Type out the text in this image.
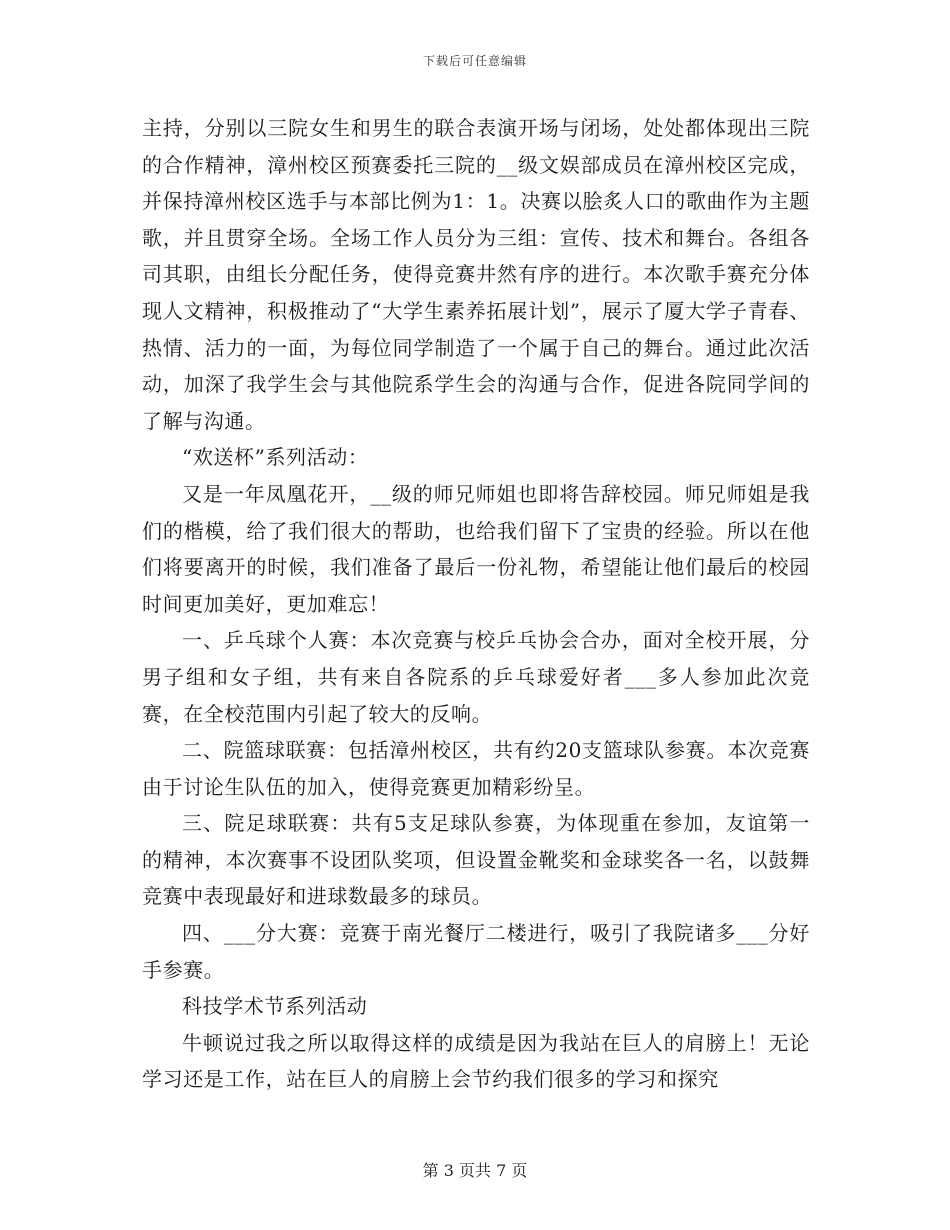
下载后可任意编辑

主持，分别以三院女生和男生的联合表演开场与闭场，处处都体现出三院的合作精神，漳州校区预赛委托三院的__级文娱部成员在漳州校区完成，并保持漳州校区选手与本部比例为1：1。决赛以脍炙人口的歌曲作为主题歌，并且贯穿全场。全场工作人员分为三组：宣传、技术和舞台。各组各司其职，由组长分配任务，使得竞赛井然有序的进行。本次歌手赛充分体现人文精神，积极推动了“大学生素养拓展计划”，展示了厦大学子青春、热情、活力的一面，为每位同学制造了一个属于自己的舞台。通过此次活动，加深了我学生会与其他院系学生会的沟通与合作，促进各院同学间的了解与沟通。

“欢送杯”系列活动：

又是一年凤凰花开，__级的师兄师姐也即将告辞校园。师兄师姐是我们的楷模，给了我们很大的帮助，也给我们留下了宝贵的经验。所以在他们将要离开的时候，我们准备了最后一份礼物，希望能让他们最后的校园时间更加美好，更加难忘！

一、乒乓球个人赛：本次竞赛与校乒乓协会合办，面对全校开展，分男子组和女子组，共有来自各院系的乒乓球爱好者___多人参加此次竞赛，在全校范围内引起了较大的反响。

二、院篮球联赛：包括漳州校区，共有约20支篮球队参赛。本次竞赛由于讨论生队伍的加入，使得竞赛更加精彩纷呈。

三、院足球联赛：共有5支足球队参赛，为体现重在参加，友谊第一的精神，本次赛事不设团队奖项，但设置金靴奖和金球奖各一名，以鼓舞竞赛中表现最好和进球数最多的球员。

四、___分大赛：竞赛于南光餐厅二楼进行，吸引了我院诸多___分好手参赛。

科技学术节系列活动

牛顿说过我之所以取得这样的成绩是因为我站在巨人的肩膀上！无论学习还是工作，站在巨人的肩膀上会节约我们很多的学习和探究

第 3 页共 7 页
